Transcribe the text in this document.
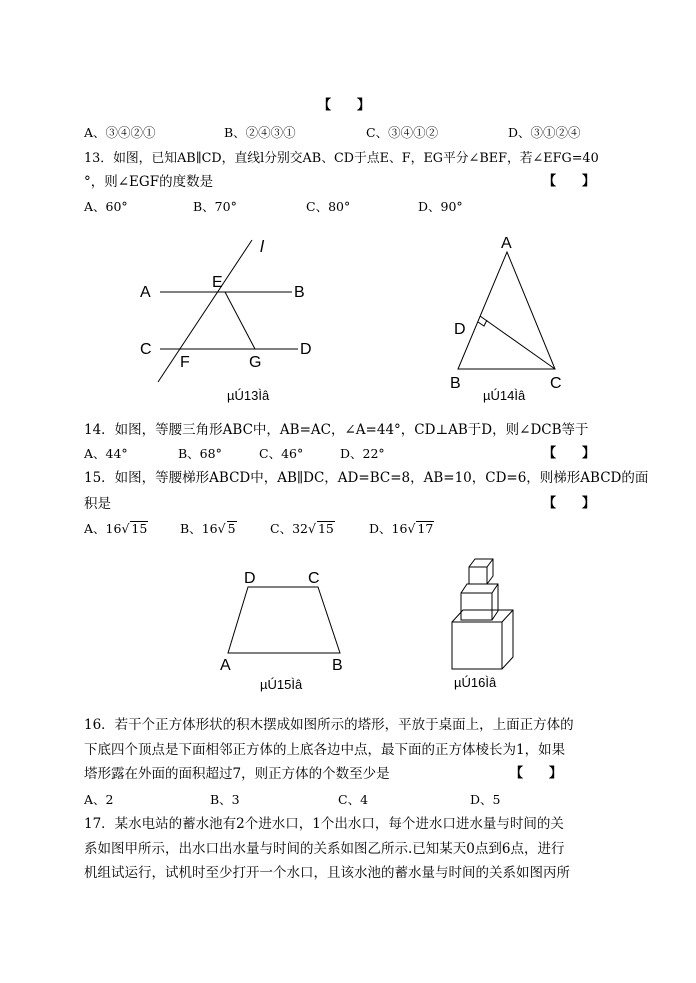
【　　】
A、③④②①	B、②④③①	C、③④①②	D、③①②④
13．如图，已知AB∥CD，直线l分别交AB、CD于点E、F，EG平分∠BEF，若∠EFG=40
°，则∠EGF的度数是	【　　】
A、60°	B、70°	C、80°	D、90°
l
A
E
B
C
F	G
D
µÚ13Ìâ
A
D
B	C
µÚ14Ìâ
14．如图，等腰三角形ABC中，AB=AC，∠A=44°，CD⊥AB于D，则∠DCB等于
A、44°	B、68°	C、46°	D、22°	【　　】
15．如图，等腰梯形ABCD中，AB∥DC，AD=BC=8，AB=10，CD=6，则梯形ABCD的面
积是	【　　】
A、16√ 15	B、16√ 5	C、32√ 15	D、16√ 17
D	C
A	B
µÚ15Ìâ	µÚ16Ìâ
16．若干个正方体形状的积木摆成如图所示的塔形，平放于桌面上，上面正方体的
下底四个顶点是下面相邻正方体的上底各边中点，最下面的正方体棱长为1，如果
塔形露在外面的面积超过7，则正方体的个数至少是	【　　】
A、2	B、3	C、4	D、5
17．某水电站的蓄水池有2个进水口，1个出水口，每个进水口进水量与时间的关
系如图甲所示，出水口出水量与时间的关系如图乙所示.已知某天0点到6点，进行
机组试运行，试机时至少打开一个水口，且该水池的蓄水量与时间的关系如图丙所
